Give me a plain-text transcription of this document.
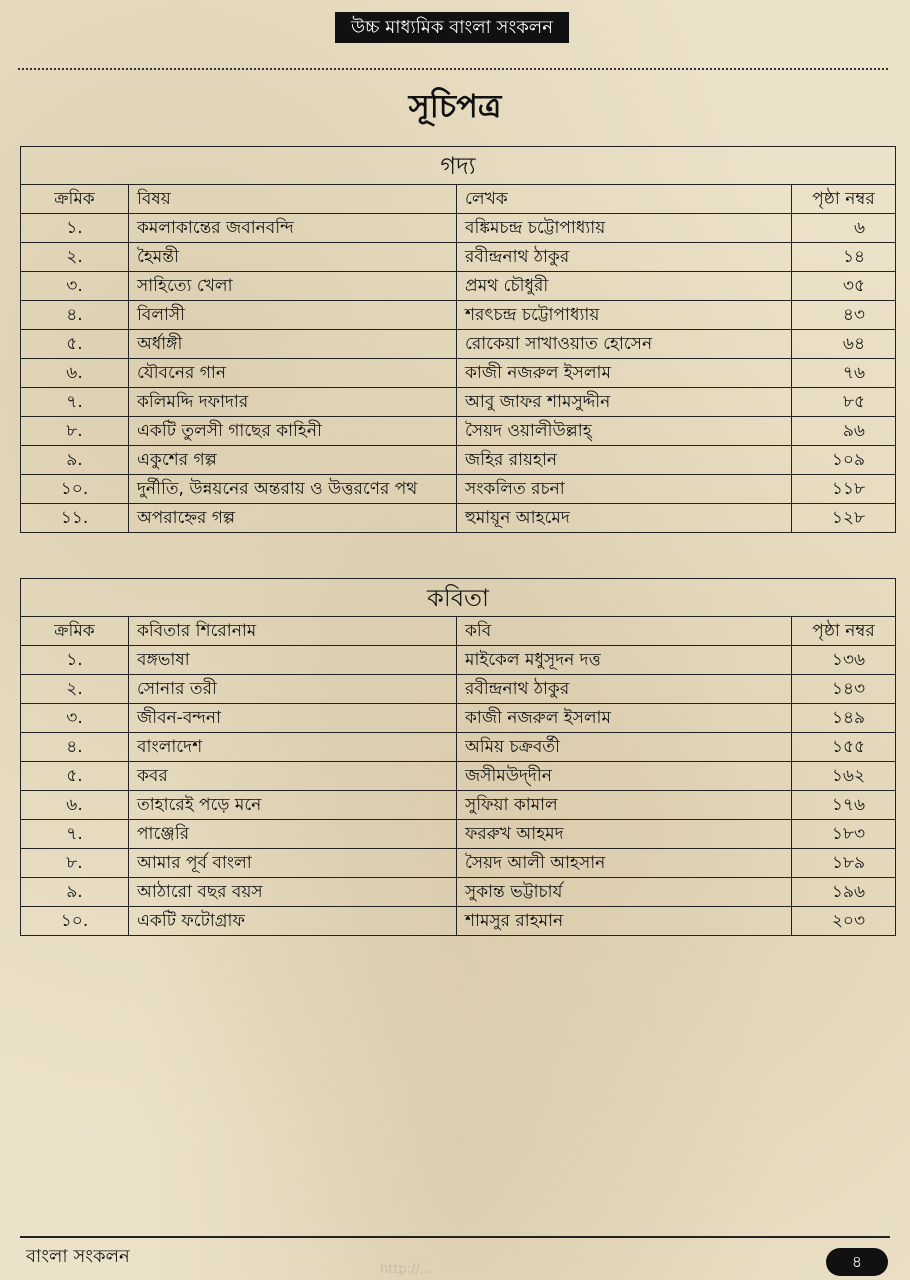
উচ্চ মাধ্যমিক বাংলা সংকলন
সূচিপত্র
গদ্য			
ক্রমিক	বিষয়	লেখক	পৃষ্ঠা নম্বর
১.	কমলাকান্তের জবানবন্দি	বঙ্কিমচন্দ্র চট্টোপাধ্যায়	৬
২.	হৈমন্তী	রবীন্দ্রনাথ ঠাকুর	১৪
৩.	সাহিত্যে খেলা	প্রমথ চৌধুরী	৩৫
৪.	বিলাসী	শরৎচন্দ্র চট্টোপাধ্যায়	৪৩
৫.	অর্ধাঙ্গী	রোকেয়া সাখাওয়াত হোসেন	৬৪
৬.	যৌবনের গান	কাজী নজরুল ইসলাম	৭৬
৭.	কলিমদ্দি দফাদার	আবু জাফর শামসুদ্দীন	৮৫
৮.	একটি তুলসী গাছের কাহিনী	সৈয়দ ওয়ালীউল্লাহ্‌	৯৬
৯.	একুশের গল্প	জহির রায়হান	১০৯
১০.	দুর্নীতি, উন্নয়নের অন্তরায় ও উত্তরণের পথ	সংকলিত রচনা	১১৮
১১.	অপরাহ্নের গল্প	হুমায়ূন আহমেদ	১২৮
কবিতা			
ক্রমিক	কবিতার শিরোনাম	কবি	পৃষ্ঠা নম্বর
১.	বঙ্গভাষা	মাইকেল মধুসূদন দত্ত	১৩৬
২.	সোনার তরী	রবীন্দ্রনাথ ঠাকুর	১৪৩
৩.	জীবন-বন্দনা	কাজী নজরুল ইসলাম	১৪৯
৪.	বাংলাদেশ	অমিয় চক্রবর্তী	১৫৫
৫.	কবর	জসীমউদ্‌দীন	১৬২
৬.	তাহারেই পড়ে মনে	সুফিয়া কামাল	১৭৬
৭.	পাঞ্জেরি	ফররুখ আহমদ	১৮৩
৮.	আমার পূর্ব বাংলা	সৈয়দ আলী আহসান	১৮৯
৯.	আঠারো বছর বয়স	সুকান্ত ভট্টাচার্য	১৯৬
১০.	একটি ফটোগ্রাফ	শামসুর রাহমান	২০৩
বাংলা সংকলন	৪
http://...
